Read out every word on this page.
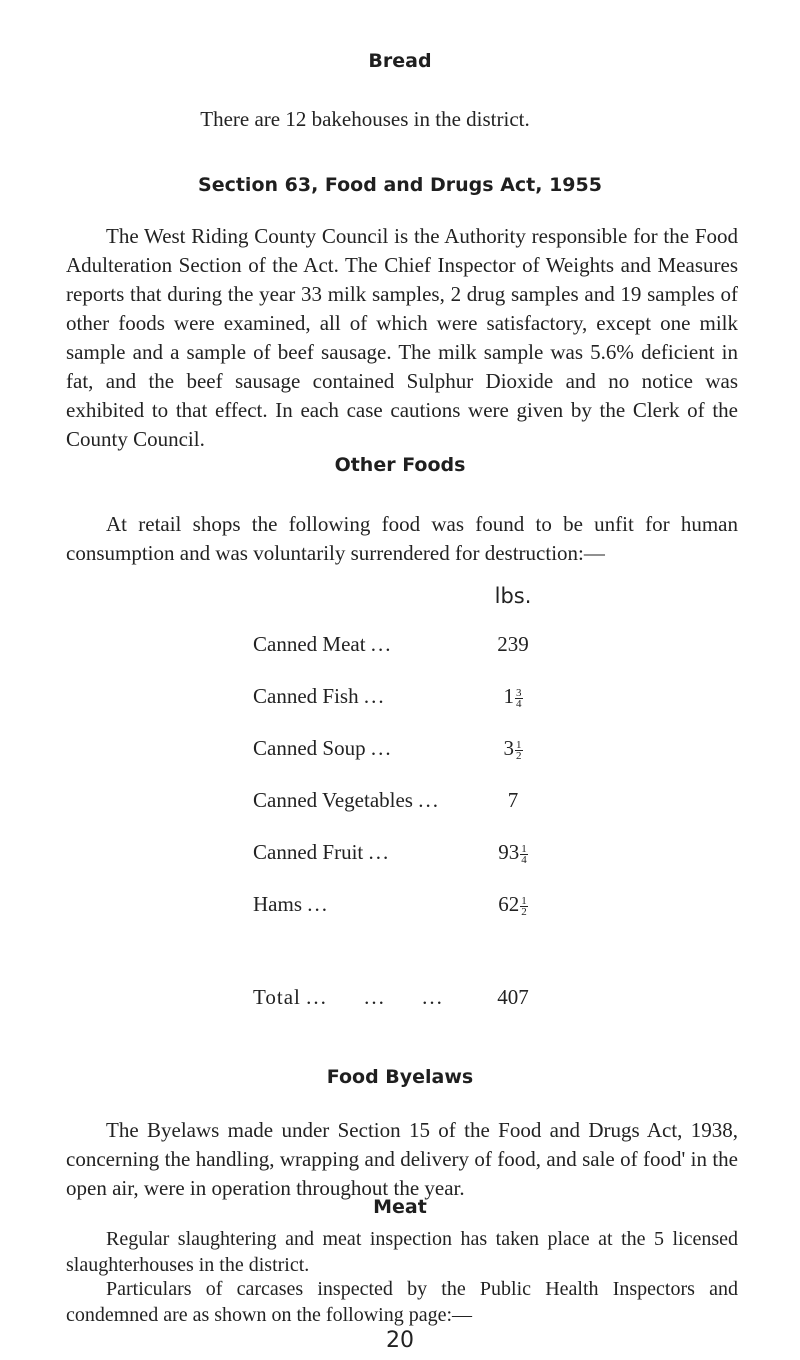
Bread
There are 12 bakehouses in the district.
Section 63, Food and Drugs Act, 1955
The West Riding County Council is the Authority responsible for the Food Adulteration Section of the Act. The Chief Inspector of Weights and Measures reports that during the year 33 milk samples, 2 drug samples and 19 samples of other foods were examined, all of which were satisfactory, except one milk sample and a sample of beef sausage. The milk sample was 5.6% deficient in fat, and the beef sausage contained Sulphur Dioxide and no notice was exhibited to that effect. In each case cautions were given by the Clerk of the County Council.
Other Foods
At retail shops the following food was found to be unfit for human consumption and was voluntarily surrendered for destruction:—
lbs.
Canned Meat ...	239
Canned Fish ...	$1 \frac{3}{4}$
Canned Soup ...	$3 \frac{1}{2}$
Canned Vegetables ...	7
Canned Fruit ...	$93 \frac{1}{4}$
Hams ...	$62 \frac{1}{2}$
Total ...     ...     ...	407
Food Byelaws
The Byelaws made under Section 15 of the Food and Drugs Act, 1938, concerning the handling, wrapping and delivery of food, and sale of food' in the open air, were in operation throughout the year.
Meat
Regular slaughtering and meat inspection has taken place at the 5 licensed slaughterhouses in the district.
20
Particulars of carcases inspected by the Public Health Inspectors and condemned are as shown on the following page:—
